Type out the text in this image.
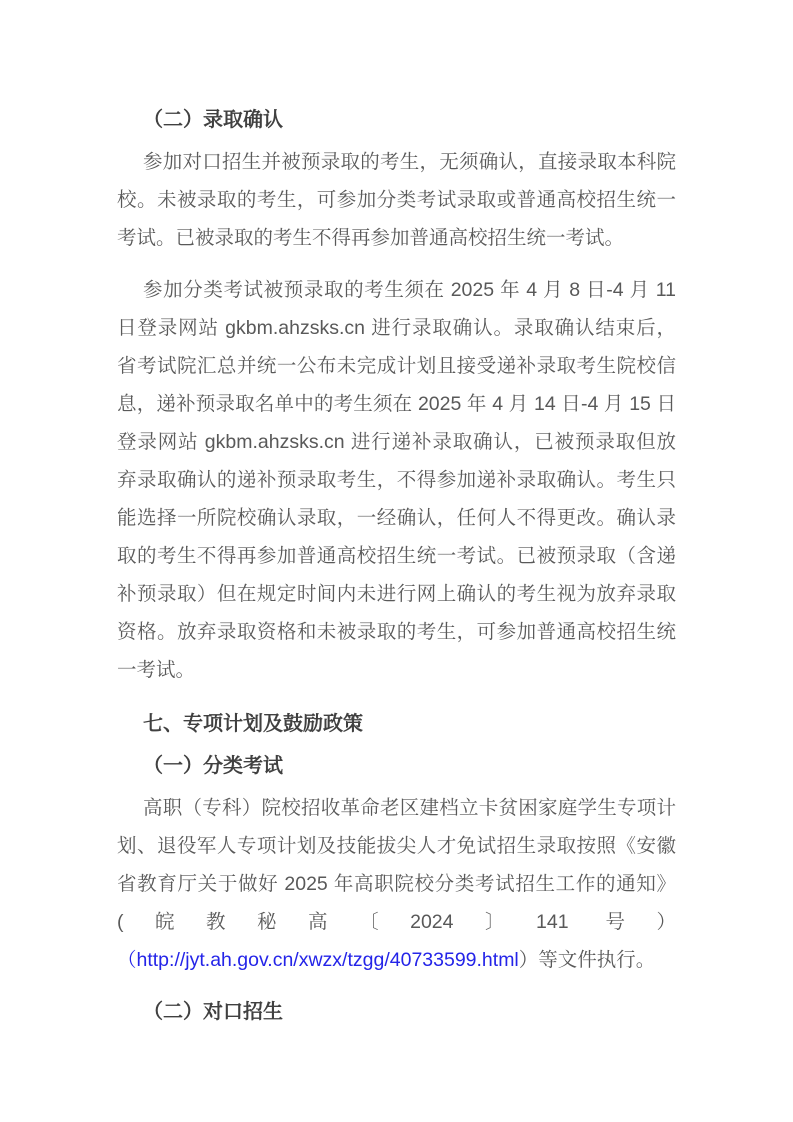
（二）录取确认

参加对口招生并被预录取的考生，无须确认，直接录取本科院校。未被录取的考生，可参加分类考试录取或普通高校招生统一考试。已被录取的考生不得再参加普通高校招生统一考试。

参加分类考试被预录取的考生须在 2025 年 4 月 8 日-4 月 11 日登录网站 gkbm.ahzsks.cn 进行录取确认。录取确认结束后，省考试院汇总并统一公布未完成计划且接受递补录取考生院校信息，递补预录取名单中的考生须在 2025 年 4 月 14 日-4 月 15 日登录网站 gkbm.ahzsks.cn 进行递补录取确认，已被预录取但放弃录取确认的递补预录取考生，不得参加递补录取确认。考生只能选择一所院校确认录取，一经确认，任何人不得更改。确认录取的考生不得再参加普通高校招生统一考试。已被预录取（含递补预录取）但在规定时间内未进行网上确认的考生视为放弃录取资格。放弃录取资格和未被录取的考生，可参加普通高校招生统一考试。

七、专项计划及鼓励政策
（一）分类考试

高职（专科）院校招收革命老区建档立卡贫困家庭学生专项计划、退役军人专项计划及技能拔尖人才免试招生录取按照《安徽省教育厅关于做好 2025 年高职院校分类考试招生工作的通知》(皖教秘高〔2024〕141 号）（http://jyt.ah.gov.cn/xwzx/tzgg/40733599.html）等文件执行。

（二）对口招生
